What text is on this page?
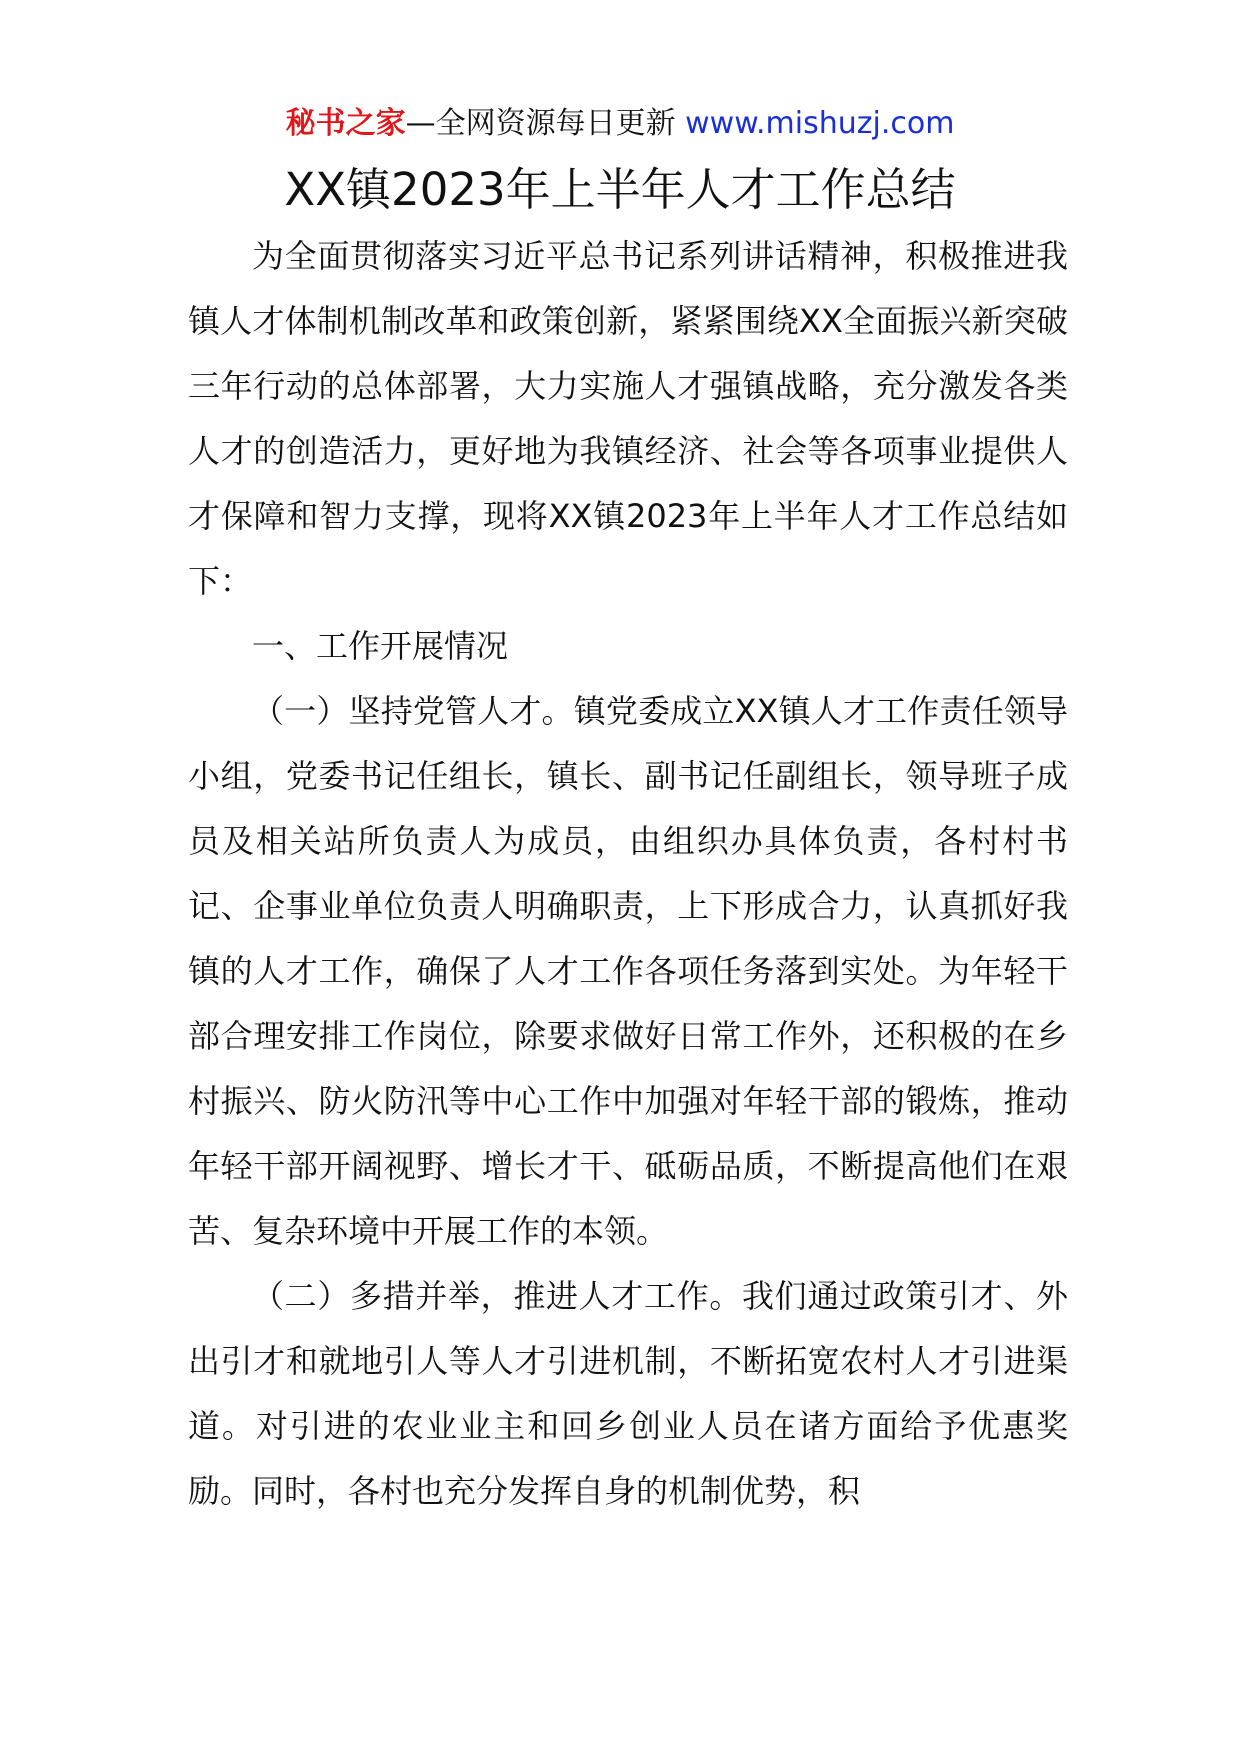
秘书之家—全网资源每日更新 www.mishuzj.com
XX镇2023年上半年人才工作总结

为全面贯彻落实习近平总书记系列讲话精神，积极推进我镇人才体制机制改革和政策创新，紧紧围绕XX全面振兴新突破三年行动的总体部署，大力实施人才强镇战略，充分激发各类人才的创造活力，更好地为我镇经济、社会等各项事业提供人才保障和智力支撑，现将XX镇2023年上半年人才工作总结如下：

一、工作开展情况

（一）坚持党管人才。镇党委成立XX镇人才工作责任领导小组，党委书记任组长，镇长、副书记任副组长，领导班子成员及相关站所负责人为成员，由组织办具体负责，各村村书记、企事业单位负责人明确职责，上下形成合力，认真抓好我镇的人才工作，确保了人才工作各项任务落到实处。为年轻干部合理安排工作岗位，除要求做好日常工作外，还积极的在乡村振兴、防火防汛等中心工作中加强对年轻干部的锻炼，推动年轻干部开阔视野、增长才干、砥砺品质，不断提高他们在艰苦、复杂环境中开展工作的本领。

（二）多措并举，推进人才工作。我们通过政策引才、外出引才和就地引人等人才引进机制，不断拓宽农村人才引进渠道。对引进的农业业主和回乡创业人员在诸方面给予优惠奖励。同时，各村也充分发挥自身的机制优势，积
